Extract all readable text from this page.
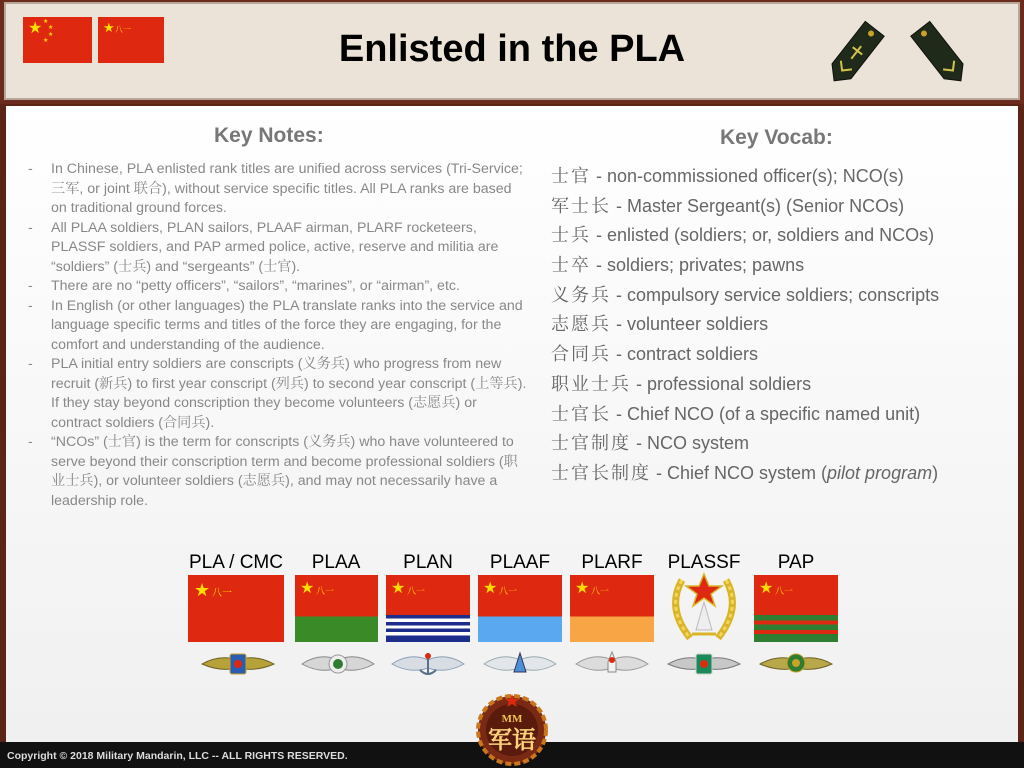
★ ★
★
★
★
★ 八一	Enlisted in the PLA
Key Notes:	Key Vocab:
- In Chinese, PLA enlisted rank titles are unified across services (Tri-Service; 三军, or joint 联合), without service specific titles. All PLA ranks are based on traditional ground forces.
- All PLAA soldiers, PLAN sailors, PLAAF airman, PLARF rocketeers, PLASSF soldiers, and PAP armed police, active, reserve and militia are “soldiers” (士兵) and “sergeants” (士官).
- There are no “petty officers”, “sailors”, “marines”, or “airman”, etc.
- In English (or other languages) the PLA translate ranks into the service and language specific terms and titles of the force they are engaging, for the comfort and understanding of the audience.
- PLA initial entry soldiers are conscripts (义务兵) who progress from new recruit (新兵) to first year conscript (列兵) to second year conscript (上等兵). If they stay beyond conscription they become volunteers (志愿兵) or contract soldiers (合同兵).
- “NCOs” (士官) is the term for conscripts (义务兵) who have volunteered to serve beyond their conscription term and become professional soldiers (职业士兵), or volunteer soldiers (志愿兵), and may not necessarily have a leadership role.
士官 - non-commissioned officer(s); NCO(s)
军士长 - Master Sergeant(s) (Senior NCOs)
士兵 - enlisted (soldiers; or, soldiers and NCOs)
士卒 - soldiers; privates; pawns
义务兵 - compulsory service soldiers; conscripts
志愿兵 - volunteer soldiers
合同兵 - contract soldiers
职业士兵 - professional soldiers
士官长 - Chief NCO (of a specific named unit)
士官制度 - NCO system
士官长制度 - Chief NCO system (pilot program)
PLA / CMC	PLAA	PLAN	PLAAF	PLARF	PLASSF	PAP
★ 八一	★ 八一	★ 八一	★ 八一	★ 八一	★ 八一
Copyright © 2018 Military Mandarin, LLC -- ALL RIGHTS RESERVED.
MM
军语
